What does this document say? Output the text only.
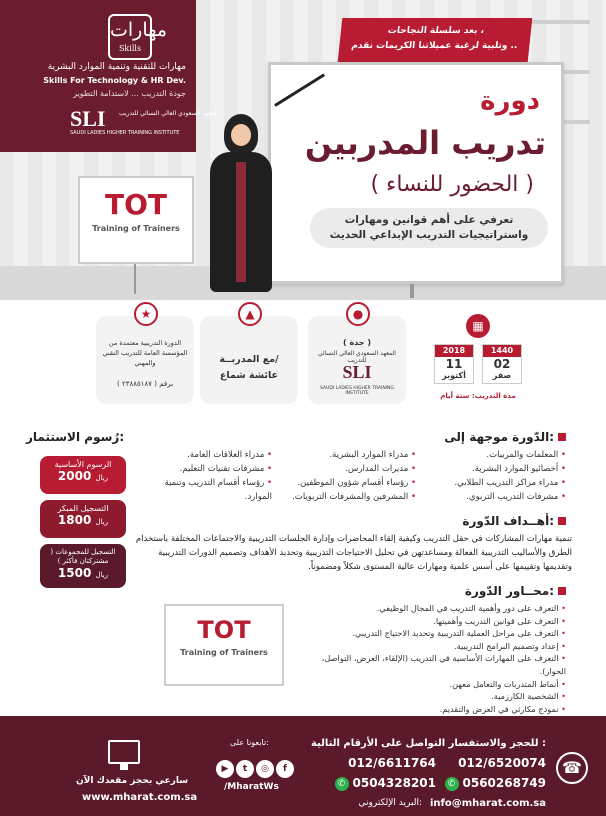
مهارات
Skills
مهارات للتقنية وتنمية الموارد البشرية
Skills For Technology & HR Dev.
جودة التدريب ... لاستدامة التطوير
SLI	المعهد السعودي العالي النسائي للتدريب
SAUDI LADIES HIGHER TRAINING INSTITUTE
بعد سلسلة النجاحات ،
وتلبية لرغبة عميلاتنا الكريمات نقدم ..
دورة
تدريب المدربين
( الحضور للنساء )
تعرفي على أهم قوانين ومهارات
واستراتيجيات التدريب الإبداعي الحديث
TOT
Training of Trainers
★
الدورة التدريبية معتمدة من المؤسسة العامة للتدريب التقني والمهني
برقم ( ٢٣٨٨٥١٨٧ )
▲
مع المدربــة/
عائشة شماع
●
( جدة )
المعهد السعودي العالي النسائي للتدريب
SLI
SAUDI LADIES HIGHER TRAINING INSTITUTE
▦
1440
02
صفر
2018
11
أكتوبر
مدة التدريب: ستة أيام
الدّورة موجهة إلى:
• المعلمات والمربيات.
• أخصائيو الموارد البشرية.
• مدراء مراكز التدريب الطلابي.
• مشرفات التدريب التربوي.
• مدراء الموارد البشرية.
• مديرات المدارس.
• رؤساء أقسام شؤون الموظفين.
• المشرفين والمشرفات التربويات.
• مدراء العلاقات العامة.
• مشرفات تقنيات التعليم.
• رؤساء أقسام التدريب وتنمية الموارد.
رُسوم الاستثمار:
الرسوم الأساسية
2000 ريال
التسجيل المبكر
1800 ريال
التسجيل للمجموعات ( مشتركتان فأكثر )
1500 ريال
أهــداف الدّورة:
تنمية مهارات المشاركات في حقل التدريب وكيفية إلقاء المحاضرات وإدارة الجلسات التدريبية والاجتماعات المختلفة باستخدام الطرق والأساليب التدريبية الفعالة ومساعدتهن في تحليل الاحتياجات التدريبية وتحديد الأهداف وتصميم الدورات التدريبية وتقديمها وتقييمها على أسس علمية ومهارات عالية المستوى شكلاً ومضموناً.
محــاور الدّورة:
• التعرف على دور وأهمية التدريب في المجال الوظيفي.
• التعرف على قوانين التدريب وأهميتها.
• التعرف على مراحل العملية التدريبية وتحديد الاحتياج التدريبي.
• إعداد وتصميم البرامج التدريبية.
• التعرف على المهارات الأساسية في التدريب (الإلقاء، العرض، التواصل، الحوار).
• أنماط المتدربات والتعامل معهن.
• الشخصية الكارزمية.
• نموذج مكارثي في العرض والتقديم.
•
TOT
Training of Trainers
للحجز والاستفسار التواصل على الأرقام التالية :
☎
012/6520074
012/6611764
✆ 0560268749
✆ 0504328201
info@mharat.com.sa
البريد الإلكتروني:
تابعونا على:
▶ t ◎ f
/MharatWs
سارعي بحجز مقعدك الآن
www.mharat.com.sa
